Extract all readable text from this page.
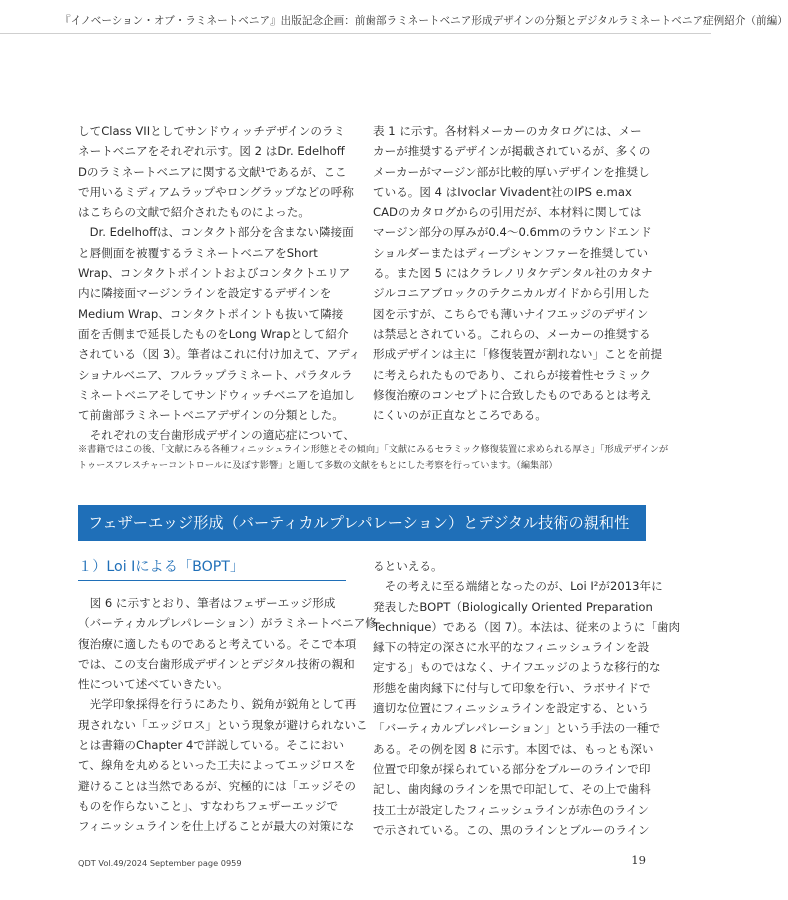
『イノベーション・オブ・ラミネートベニア』出版記念企画：前歯部ラミネートベニア形成デザインの分類とデジタルラミネートベニア症例紹介（前編）
してClass VIIとしてサンドウィッチデザインのラミ
ネートベニアをそれぞれ示す。図 2 はDr. Edelhoff
Dのラミネートベニアに関する文献¹であるが、ここ
で用いるミディアムラップやロングラップなどの呼称
はこちらの文献で紹介されたものによった。
　Dr. Edelhoffは、コンタクト部分を含まない隣接面
と唇側面を被覆するラミネートベニアをShort
Wrap、コンタクトポイントおよびコンタクトエリア
内に隣接面マージンラインを設定するデザインを
Medium Wrap、コンタクトポイントも抜いて隣接
面を舌側まで延長したものをLong Wrapとして紹介
されている（図 3）。筆者はこれに付け加えて、アディ
ショナルベニア、フルラップラミネート、パラタルラ
ミネートベニアそしてサンドウィッチベニアを追加し
て前歯部ラミネートベニアデザインの分類とした。
　それぞれの支台歯形成デザインの適応症について、
表 1 に示す。各材料メーカーのカタログには、メー
カーが推奨するデザインが掲載されているが、多くの
メーカーがマージン部が比較的厚いデザインを推奨し
ている。図 4 はIvoclar Vivadent社のIPS e.max
CADのカタログからの引用だが、本材料に関しては
マージン部分の厚みが0.4〜0.6mmのラウンドエンド
ショルダーまたはディープシャンファーを推奨してい
る。また図 5 にはクラレノリタケデンタル社のカタナ
ジルコニアブロックのテクニカルガイドから引用した
図を示すが、こちらでも薄いナイフエッジのデザイン
は禁忌とされている。これらの、メーカーの推奨する
形成デザインは主に「修復装置が割れない」ことを前提
に考えられたものであり、これらが接着性セラミック
修復治療のコンセプトに合致したものであるとは考え
にくいのが正直なところである。
※書籍ではこの後、「文献にみる各種フィニッシュライン形態とその傾向」「文献にみるセラミック修復装置に求められる厚さ」「形成デザインが
トゥースフレスチャーコントロールに及ぼす影響」と題して多数の文献をもとにした考察を行っています。（編集部）
フェザーエッジ形成（バーティカルプレパレーション）とデジタル技術の親和性
１）Loi Iによる「BOPT」
　図 6 に示すとおり、筆者はフェザーエッジ形成
（バーティカルプレパレーション）がラミネートベニア修
復治療に適したものであると考えている。そこで本項
では、この支台歯形成デザインとデジタル技術の親和
性について述べていきたい。
　光学印象採得を行うにあたり、鋭角が鋭角として再
現されない「エッジロス」という現象が避けられないこ
とは書籍のChapter 4で詳説している。そこにおい
て、線角を丸めるといった工夫によってエッジロスを
避けることは当然であるが、究極的には「エッジその
ものを作らないこと」、すなわちフェザーエッジで
フィニッシュラインを仕上げることが最大の対策にな
るといえる。
　その考えに至る端緒となったのが、Loi I²が2013年に
発表したBOPT（Biologically Oriented Preparation
Technique）である（図 7）。本法は、従来のように「歯肉
縁下の特定の深さに水平的なフィニッシュラインを設
定する」ものではなく、ナイフエッジのような移行的な
形態を歯肉縁下に付与して印象を行い、ラボサイドで
適切な位置にフィニッシュラインを設定する、という
「バーティカルプレパレーション」という手法の一種で
ある。その例を図 8 に示す。本図では、もっとも深い
位置で印象が採られている部分をブルーのラインで印
記し、歯肉縁のラインを黒で印記して、その上で歯科
技工士が設定したフィニッシュラインが赤色のライン
で示されている。この、黒のラインとブルーのライン
QDT Vol.49/2024 September page 0959	19
